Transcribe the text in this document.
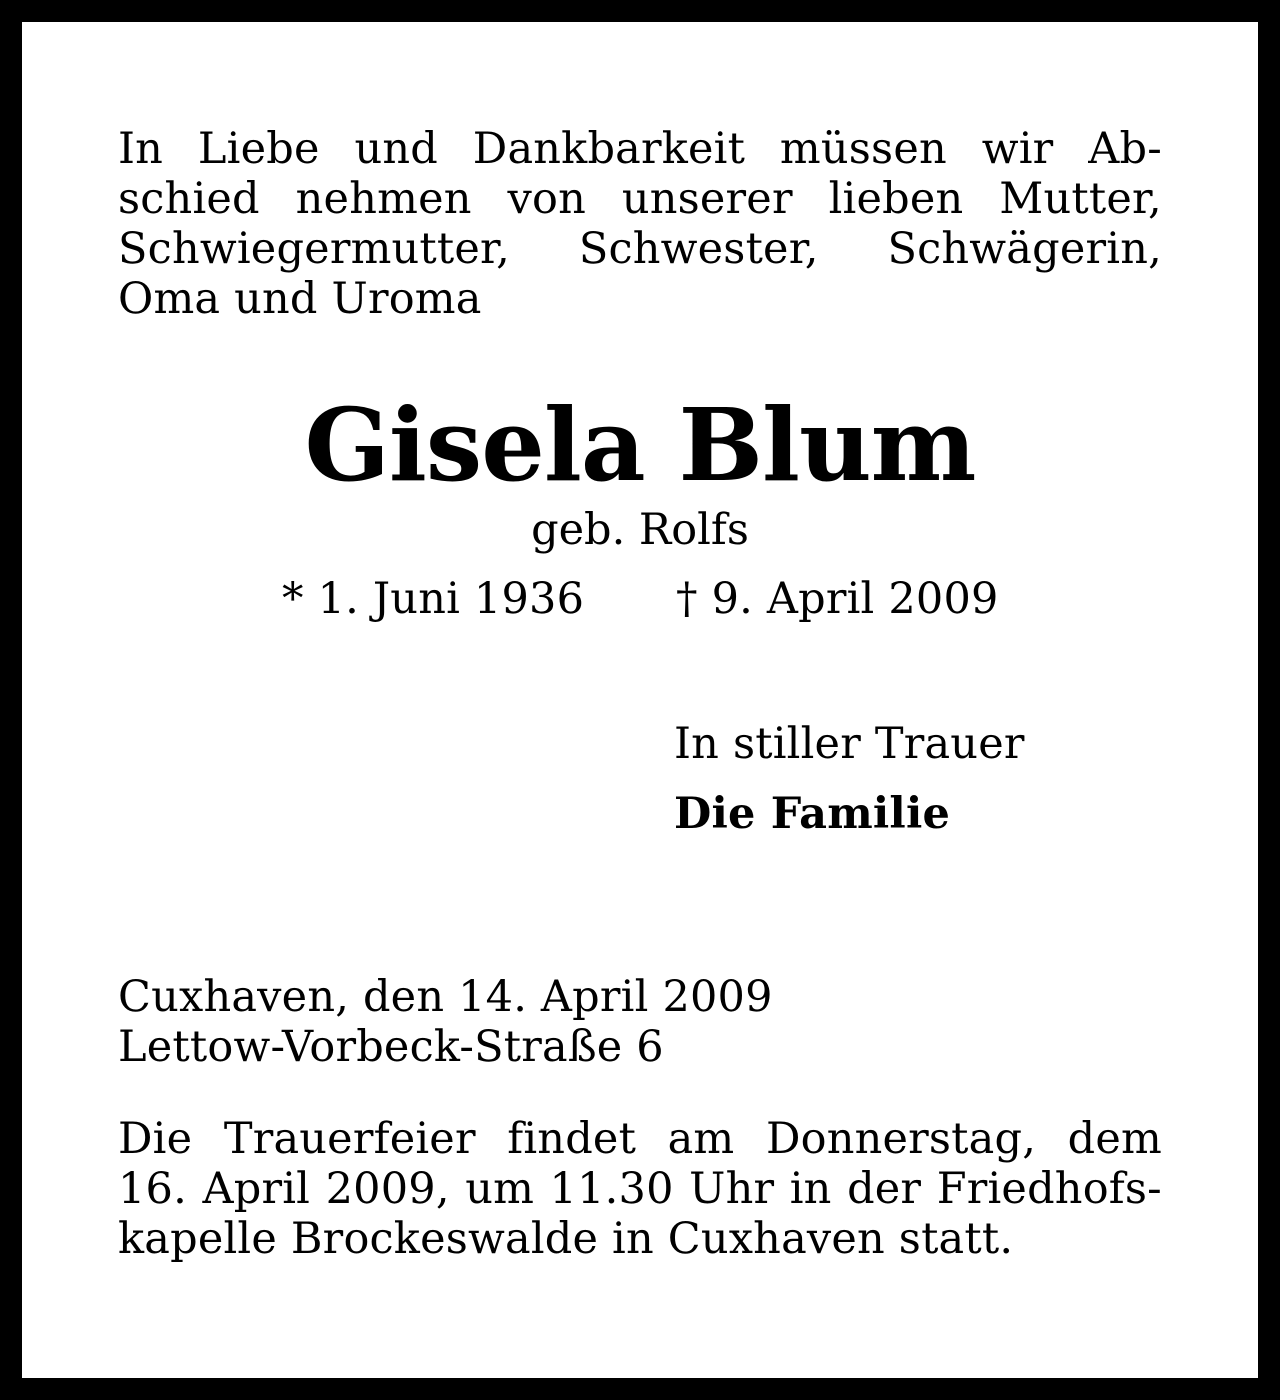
In Liebe und Dankbarkeit müssen wir Ab-
schied nehmen von unserer lieben Mutter,
Schwiegermutter, Schwester, Schwägerin,
Oma und Uroma
Gisela Blum
geb. Rolfs
* 1. Juni 1936 † 9. April 2009
In stiller Trauer
Die Familie
Cuxhaven, den 14. April 2009
Lettow-Vorbeck-Straße 6
Die Trauerfeier findet am Donnerstag, dem
16. April 2009, um 11.30 Uhr in der Friedhofs-
kapelle Brockeswalde in Cuxhaven statt.
